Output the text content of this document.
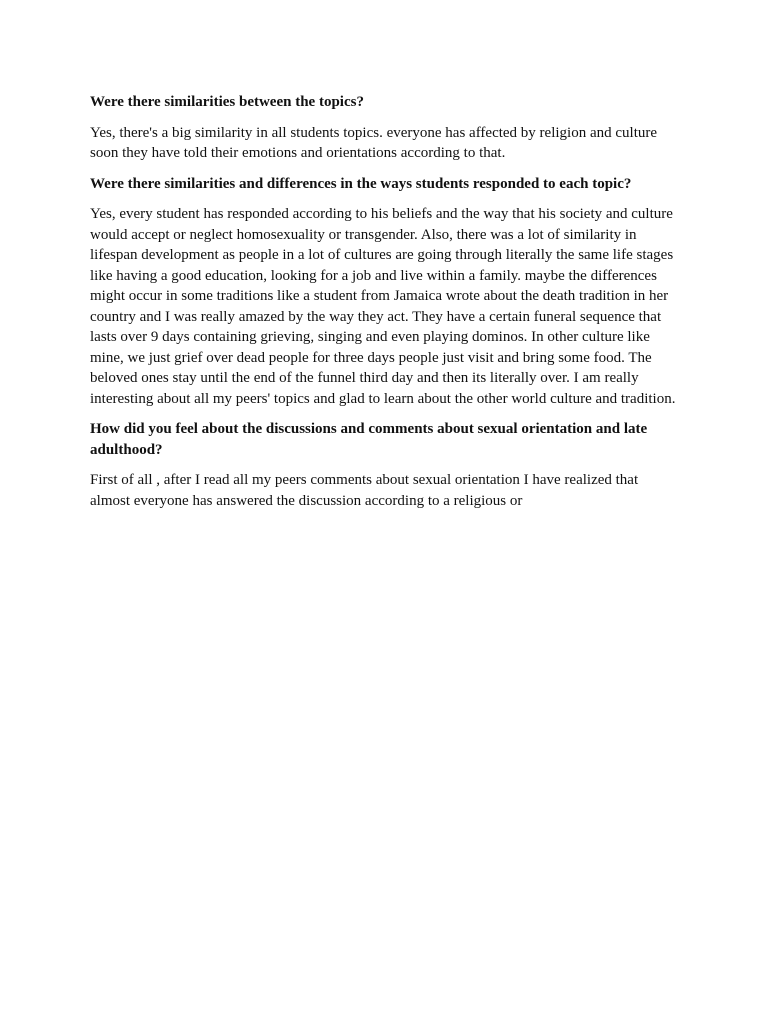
Were there similarities between the topics?

Yes, there's a big similarity in all students topics. everyone has affected by religion and culture
soon they have told their emotions and orientations according to that.

Were there similarities and differences in the ways students responded to each topic?

Yes, every student has responded according to his beliefs and the way that his society and culture
would accept or neglect homosexuality or transgender. Also, there was a lot of similarity in
lifespan development as people in a lot of cultures are going through literally the same life stages
like having a good education, looking for a job and live within a family. maybe the differences
might occur in some traditions like a student from Jamaica wrote about the death tradition in her
country and I was really amazed by the way they act. They have a certain funeral sequence that
lasts over 9 days containing grieving, singing and even playing dominos. In other culture like
mine, we just grief over dead people for three days people just visit and bring some food. The
beloved ones stay until the end of the funnel third day and then its literally over. I am really
interesting about all my peers' topics and glad to learn about the other world culture and tradition.

How did you feel about the discussions and comments about sexual orientation and late
adulthood?

First of all , after I read all my peers comments about sexual orientation I have realized that
almost everyone has answered the discussion according to a religious or
